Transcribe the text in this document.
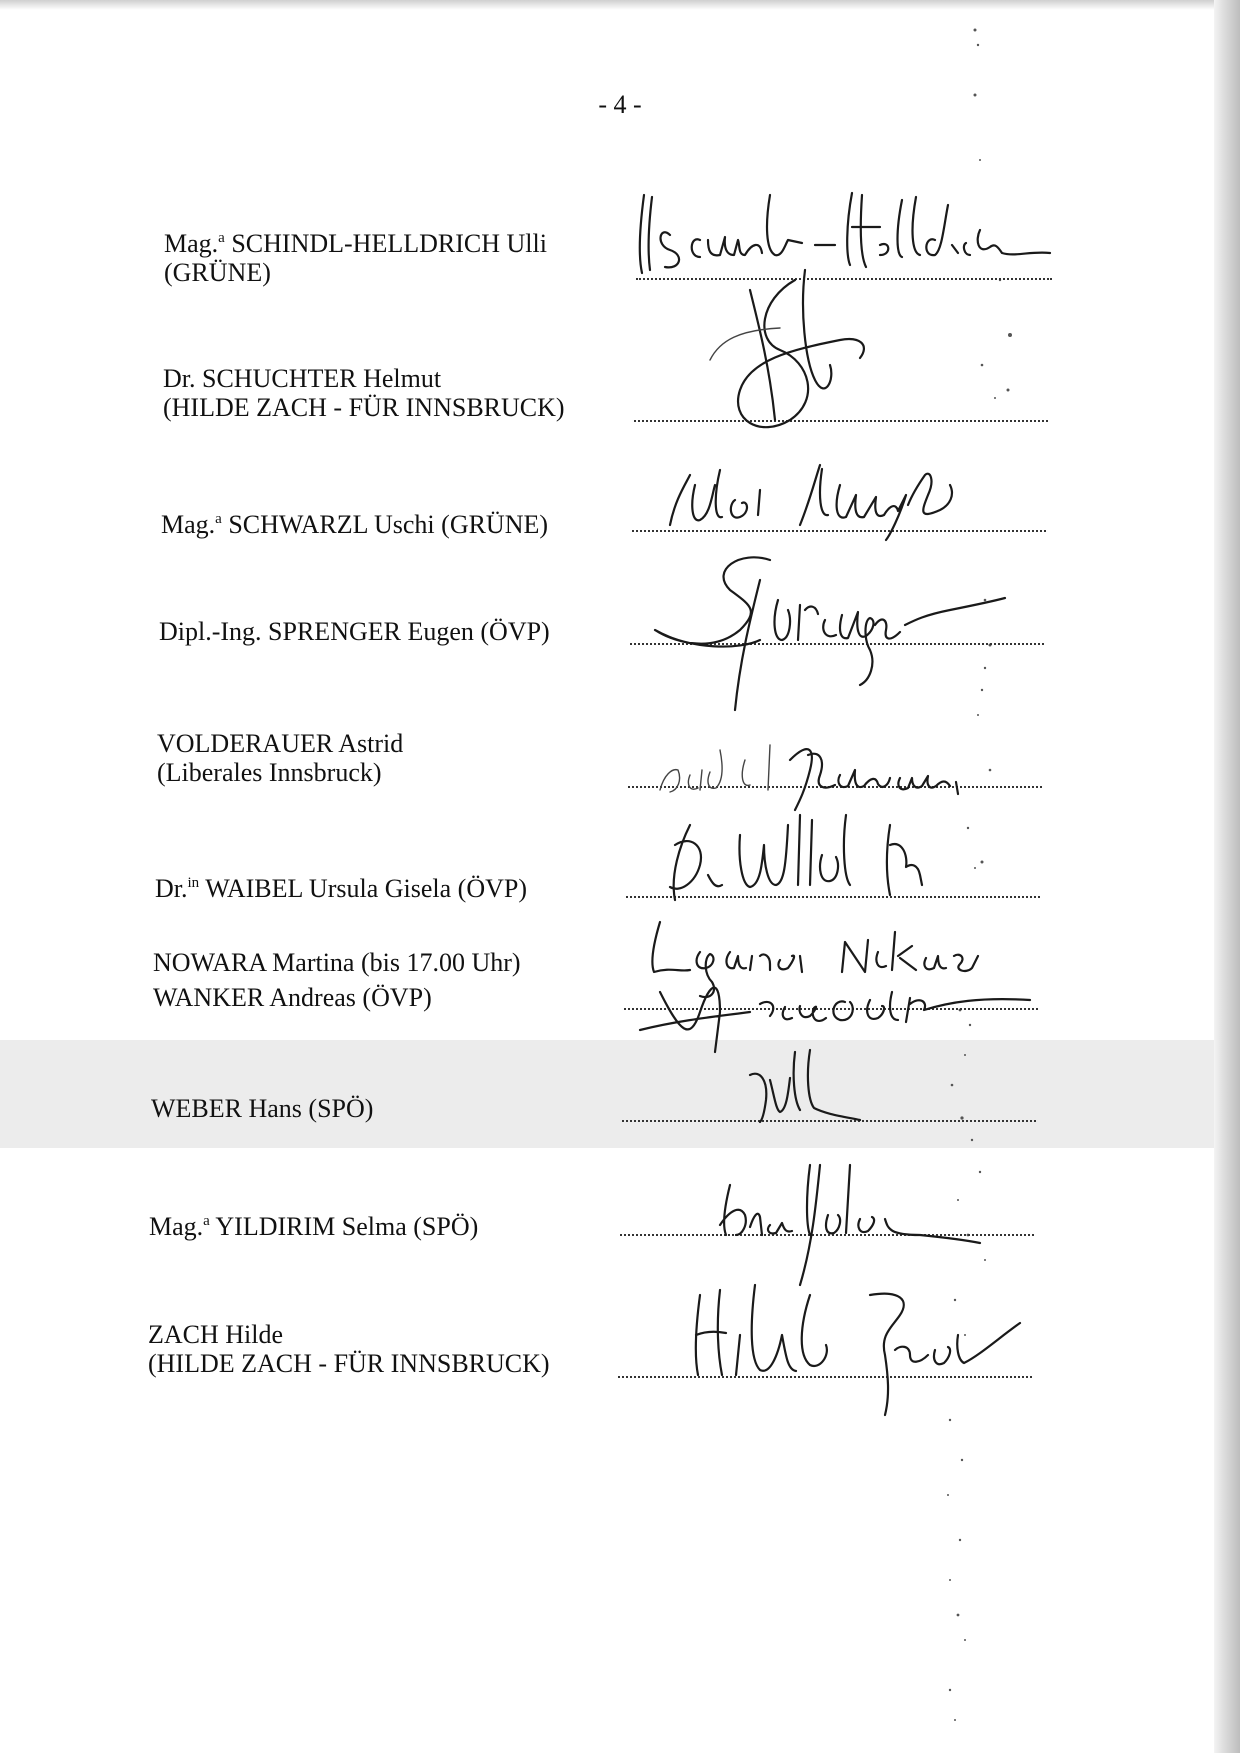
- 4 -
Mag.$^a$ SCHINDL-HELLDRICH Ulli
(GRÜNE)
Dr. SCHUCHTER Helmut
(HILDE ZACH - FÜR INNSBRUCK)
Mag.$^a$ SCHWARZL Uschi (GRÜNE)
Dipl.-Ing. SPRENGER Eugen (ÖVP)
VOLDERAUER Astrid
(Liberales Innsbruck)
Dr.$^{in}$ WAIBEL Ursula Gisela (ÖVP)
NOWARA Martina (bis 17.00 Uhr)
WANKER Andreas (ÖVP)
WEBER Hans (SPÖ)
Mag.$^a$ YILDIRIM Selma (SPÖ)
ZACH Hilde
(HILDE ZACH - FÜR INNSBRUCK)
